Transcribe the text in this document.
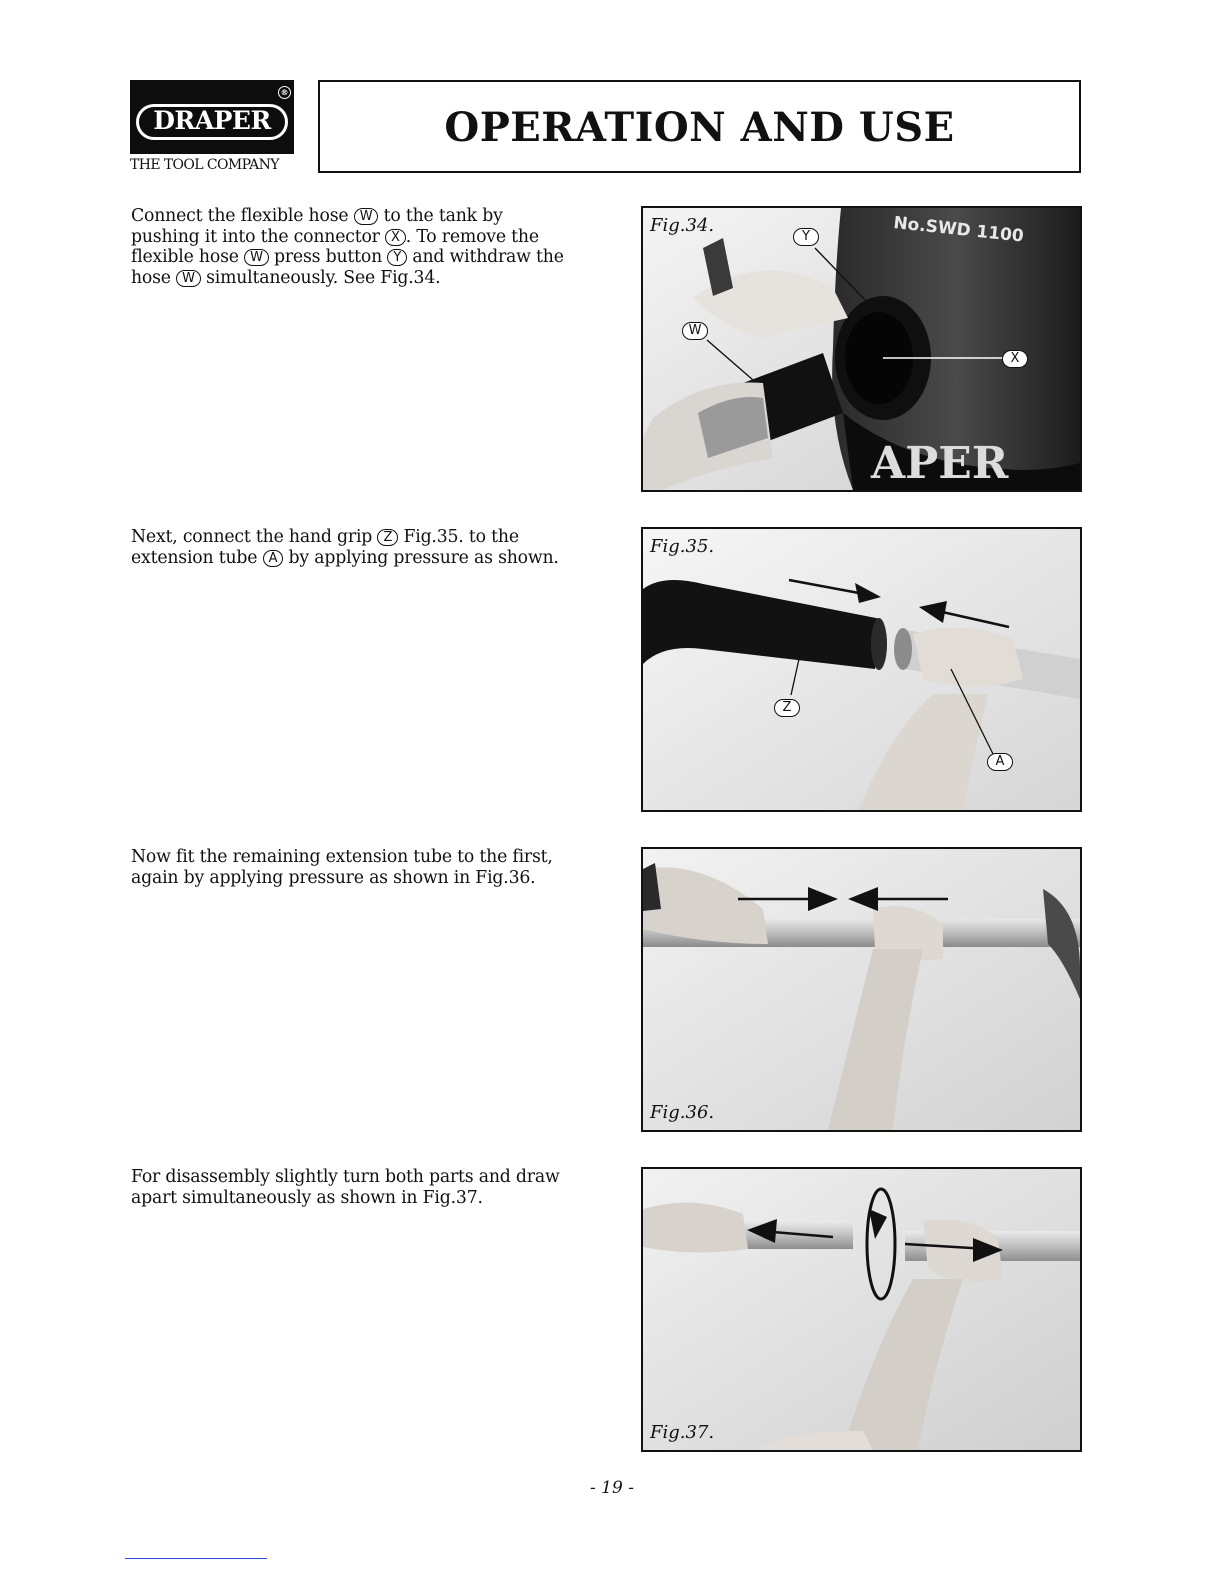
DRAPER
®
THE TOOL COMPANY
OPERATION AND USE
Connect the flexible hose W to the tank by pushing it into the connector X . To remove the flexible hose W press button Y and withdraw the hose W simultaneously. See Fig.34.
No.SWD 1100
APER
Fig.34.
Y
W
X
Next, connect the hand grip Z Fig.35. to the extension tube A by applying pressure as shown.
Fig.35.
Z
A
Now fit the remaining extension tube to the first, again by applying pressure as shown in Fig.36.
Fig.36.
For disassembly slightly turn both parts and draw apart simultaneously as shown in Fig.37.
Fig.37.
- 19 -
